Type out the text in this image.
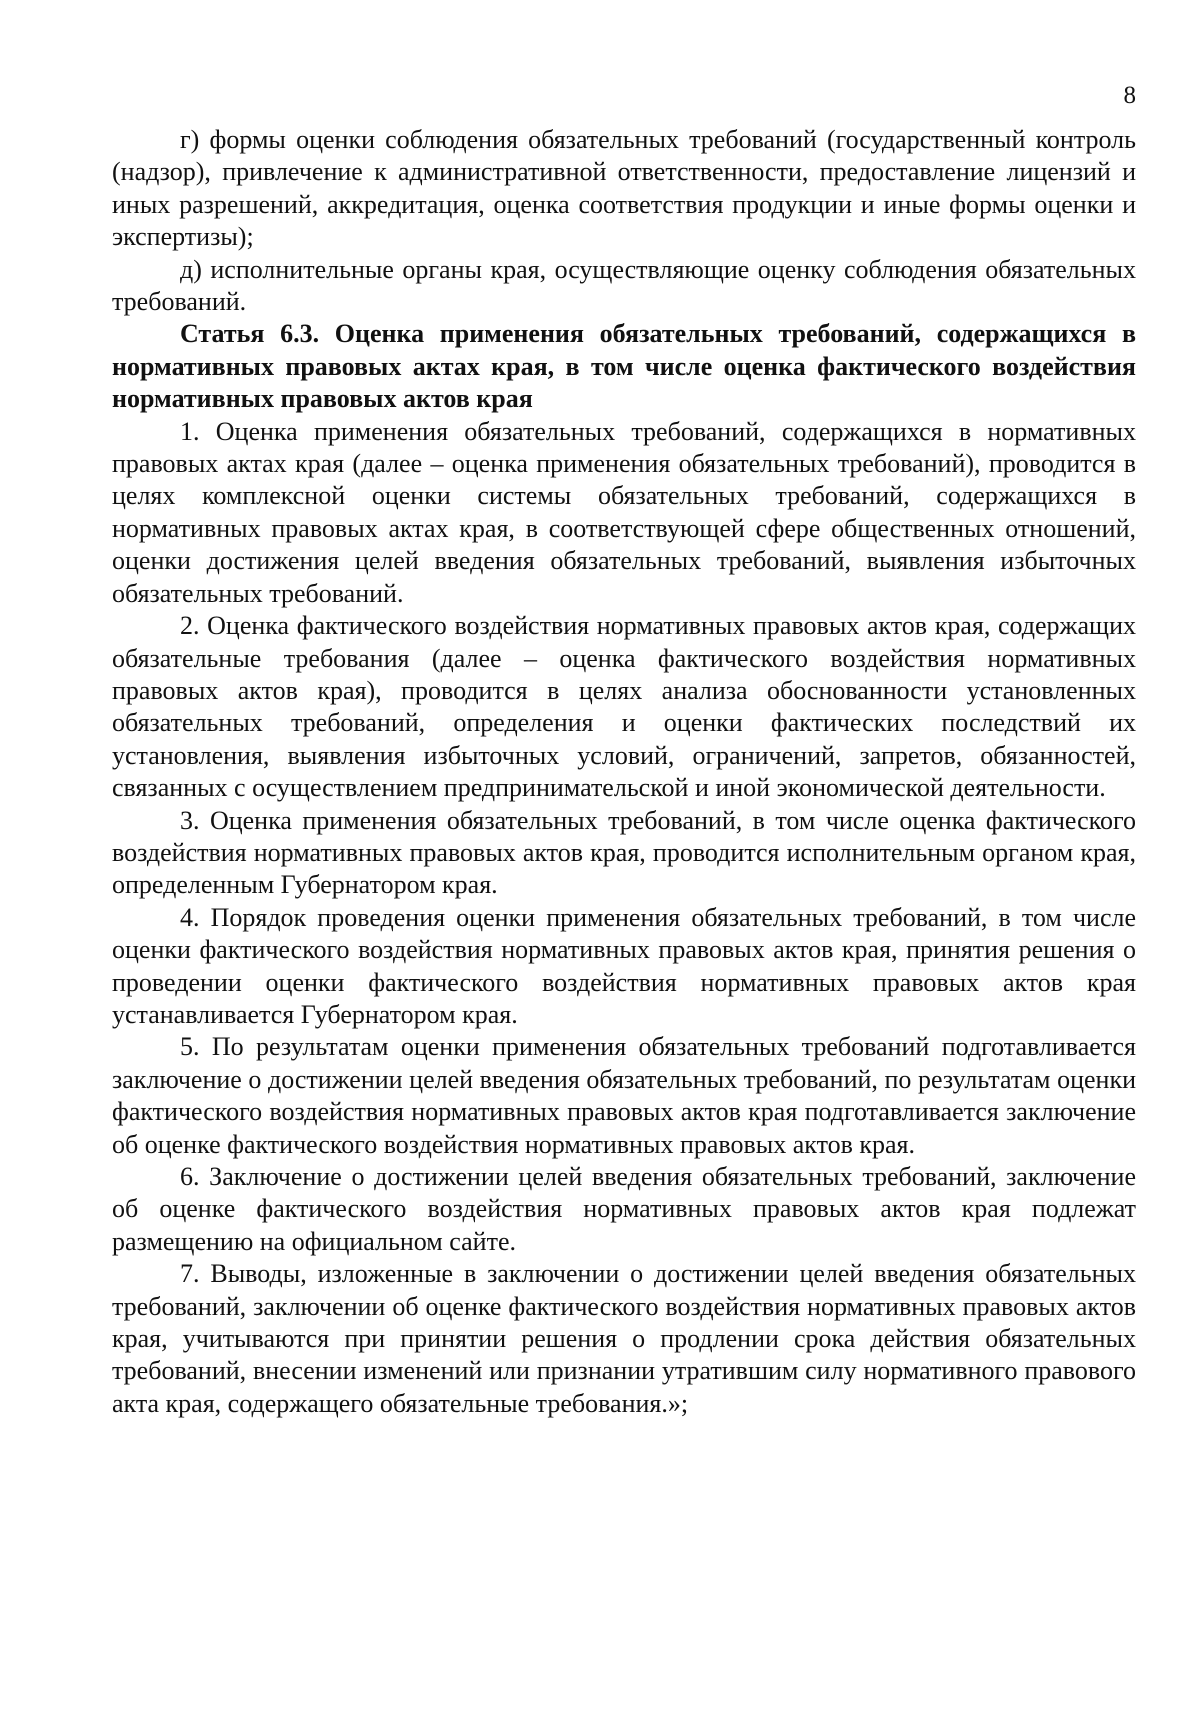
8

г) формы оценки соблюдения обязательных требований (государственный контроль (надзор), привлечение к административной ответственности, предоставление лицензий и иных разрешений, аккредитация, оценка соответствия продукции и иные формы оценки и экспертизы);

д) исполнительные органы края, осуществляющие оценку соблюдения обязательных требований.

Статья 6.3. Оценка применения обязательных требований, содержащихся в нормативных правовых актах края, в том числе оценка фактического воздействия нормативных правовых актов края

1. Оценка применения обязательных требований, содержащихся в нормативных правовых актах края (далее – оценка применения обязательных требований), проводится в целях комплексной оценки системы обязательных требований, содержащихся в нормативных правовых актах края, в соответствующей сфере общественных отношений, оценки достижения целей введения обязательных требований, выявления избыточных обязательных требований.

2. Оценка фактического воздействия нормативных правовых актов края, содержащих обязательные требования (далее – оценка фактического воздействия нормативных правовых актов края), проводится в целях анализа обоснованности установленных обязательных требований, определения и оценки фактических последствий их установления, выявления избыточных условий, ограничений, запретов, обязанностей, связанных с осуществлением предпринимательской и иной экономической деятельности.

3. Оценка применения обязательных требований, в том числе оценка фактического воздействия нормативных правовых актов края, проводится исполнительным органом края, определенным Губернатором края.

4. Порядок проведения оценки применения обязательных требований, в том числе оценки фактического воздействия нормативных правовых актов края, принятия решения о проведении оценки фактического воздействия нормативных правовых актов края устанавливается Губернатором края.

5. По результатам оценки применения обязательных требований подготавливается заключение о достижении целей введения обязательных требований, по результатам оценки фактического воздействия нормативных правовых актов края подготавливается заключение об оценке фактического воздействия нормативных правовых актов края.

6. Заключение о достижении целей введения обязательных требований, заключение об оценке фактического воздействия нормативных правовых актов края подлежат размещению на официальном сайте.

7. Выводы, изложенные в заключении о достижении целей введения обязательных требований, заключении об оценке фактического воздействия нормативных правовых актов края, учитываются при принятии решения о продлении срока действия обязательных требований, внесении изменений или признании утратившим силу нормативного правового акта края, содержащего обязательные требования.»;
